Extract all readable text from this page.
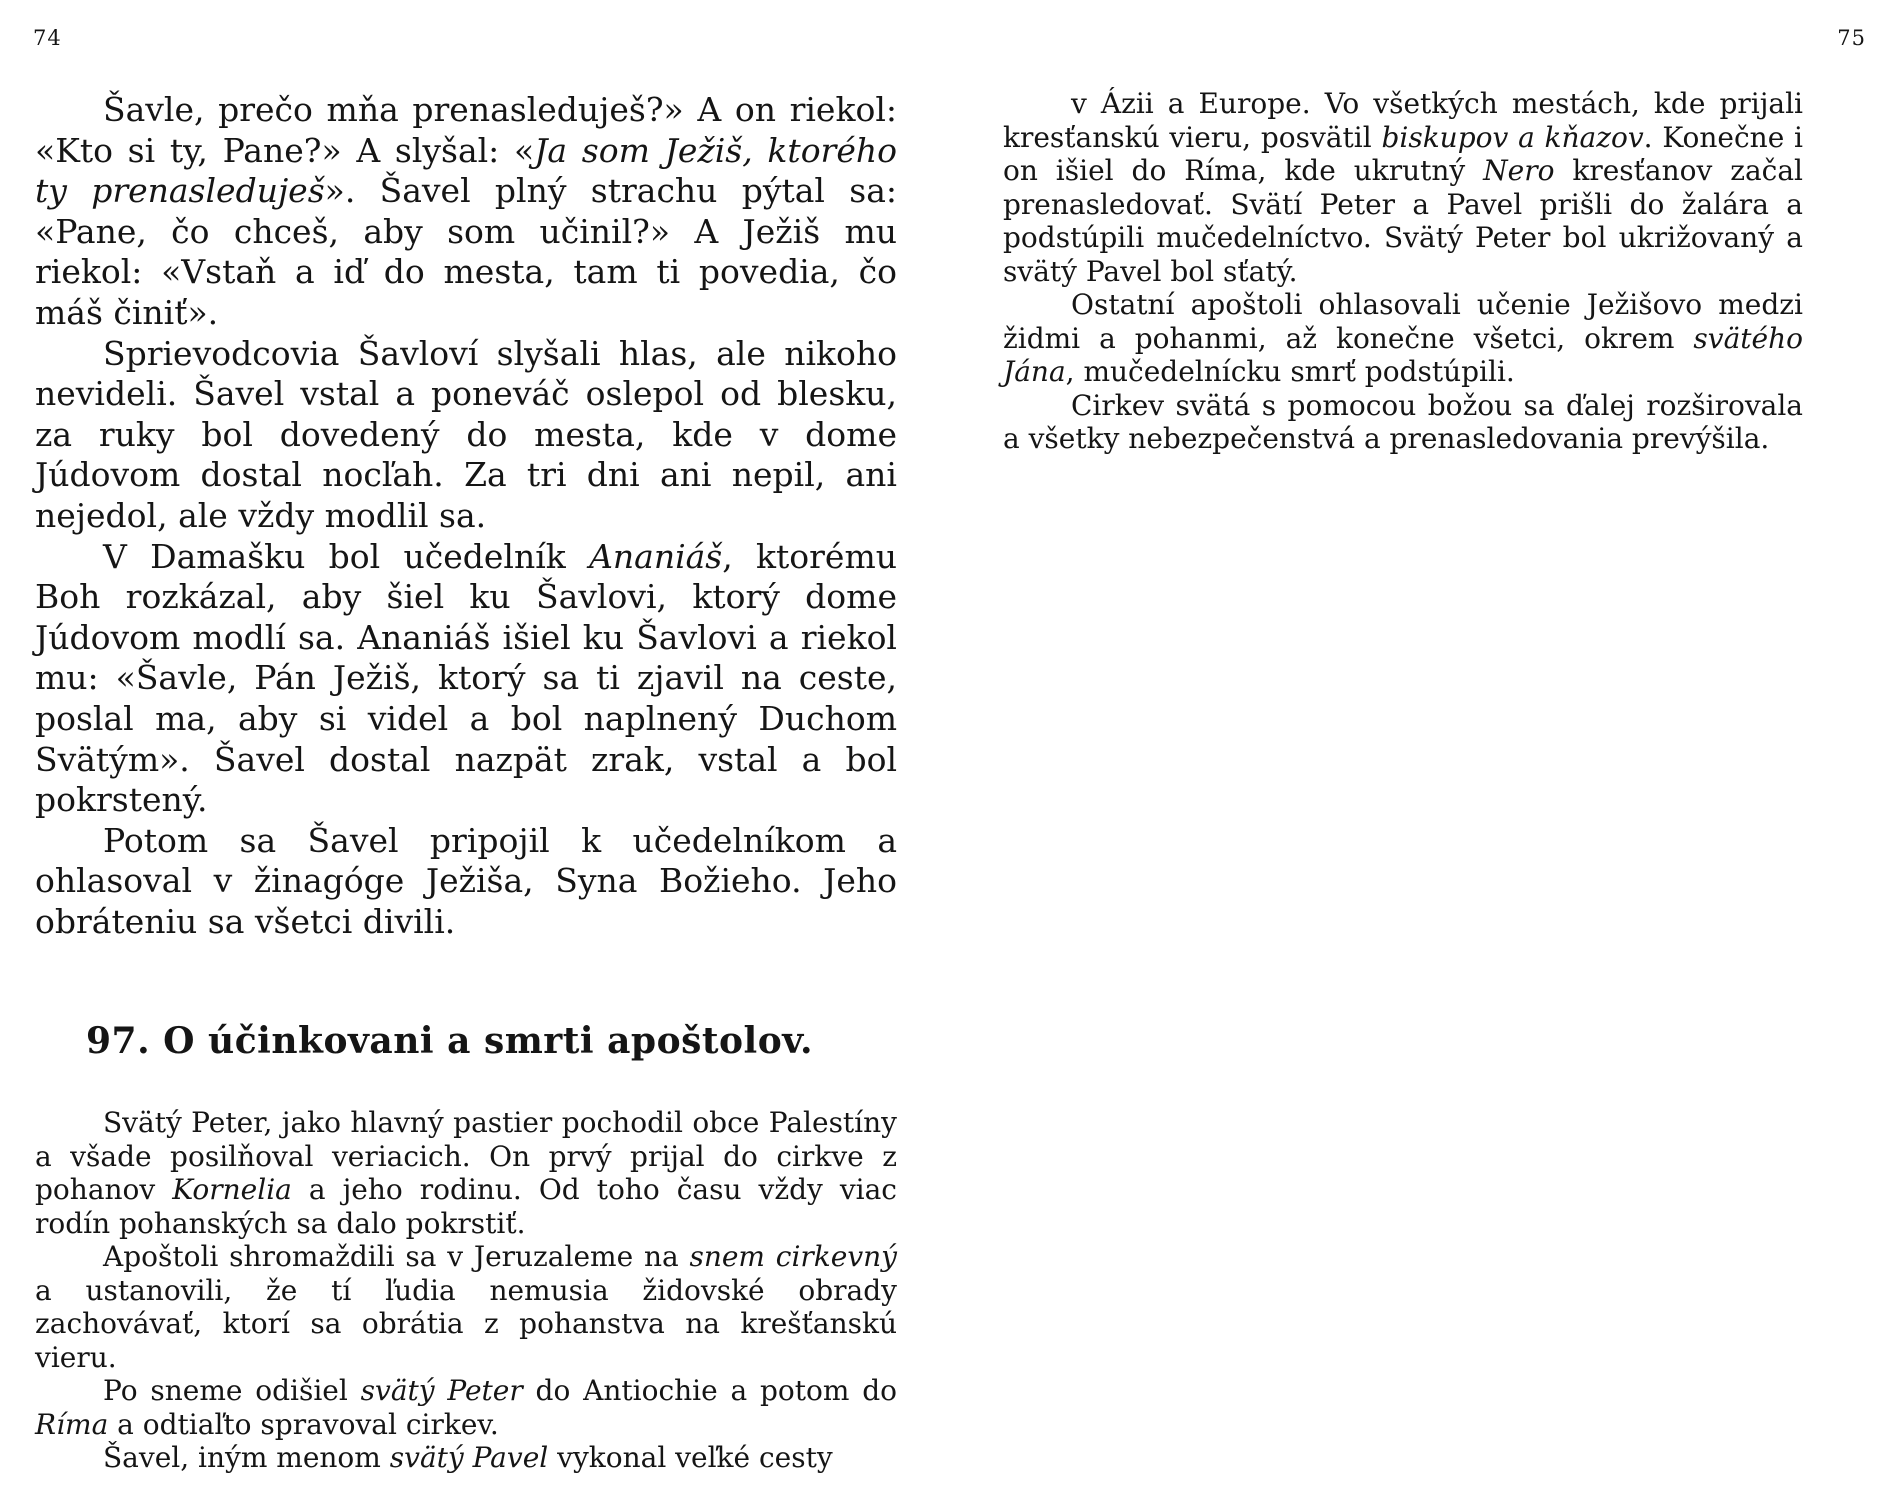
74

Šavle, prečo mňa prenasleduješ?» A on riekol: «Kto si ty, Pane?» A slyšal: «Ja som Ježiš, ktorého ty prenasleduješ». Šavel plný strachu pýtal sa: «Pane, čo chceš, aby som učinil?» A Ježiš mu riekol: «Vstaň a iď do mesta, tam ti povedia, čo máš činiť».

Sprievodcovia Šavloví slyšali hlas, ale nikoho nevideli. Šavel vstal a poneváč oslepol od blesku, za ruky bol dovedený do mesta, kde v dome Júdovom dostal nocľah. Za tri dni ani nepil, ani nejedol, ale vždy modlil sa.

V Damašku bol učedelník Ananiáš, ktorému Boh rozkázal, aby šiel ku Šavlovi, ktorý dome Júdovom modlí sa. Ananiáš išiel ku Šavlovi a riekol mu: «Šavle, Pán Ježiš, ktorý sa ti zjavil na ceste, poslal ma, aby si videl a bol naplnený Duchom Svätým». Šavel dostal nazpät zrak, vstal a bol pokrstený.

Potom sa Šavel pripojil k učedelníkom a ohlasoval v žinagóge Ježiša, Syna Božieho. Jeho obráteniu sa všetci divili.

97. O účinkovani a smrti apoštolov.

Svätý Peter, jako hlavný pastier pochodil obce Palestíny a všade posilňoval veriacich. On prvý prijal do cirkve z pohanov Kornelia a jeho rodinu. Od toho času vždy viac rodín pohanských sa dalo pokrstiť.

Apoštoli shromaždili sa v Jeruzaleme na snem cirkevný a ustanovili, že tí ľudia nemusia židovské obrady zachovávať, ktorí sa obrátia z pohanstva na krešťanskú vieru.

Po sneme odišiel svätý Peter do Antiochie a potom do Ríma a odtiaľto spravoval cirkev.

Šavel, iným menom svätý Pavel vykonal veľké cesty

75

v Ázii a Europe. Vo všetkých mestách, kde prijali kresťanskú vieru, posvätil biskupov a kňazov. Konečne i on išiel do Ríma, kde ukrutný Nero kresťanov začal prenasledovať. Svätí Peter a Pavel prišli do žalára a podstúpili mučedelníctvo. Svätý Peter bol ukrižovaný a svätý Pavel bol sťatý.

Ostatní apoštoli ohlasovali učenie Ježišovo medzi židmi a pohanmi, až konečne všetci, okrem svätého Jána, mučedelnícku smrť podstúpili.

Cirkev svätá s pomocou božou sa ďalej rozširovala a všetky nebezpečenstvá a prenasledovania prevýšila.
